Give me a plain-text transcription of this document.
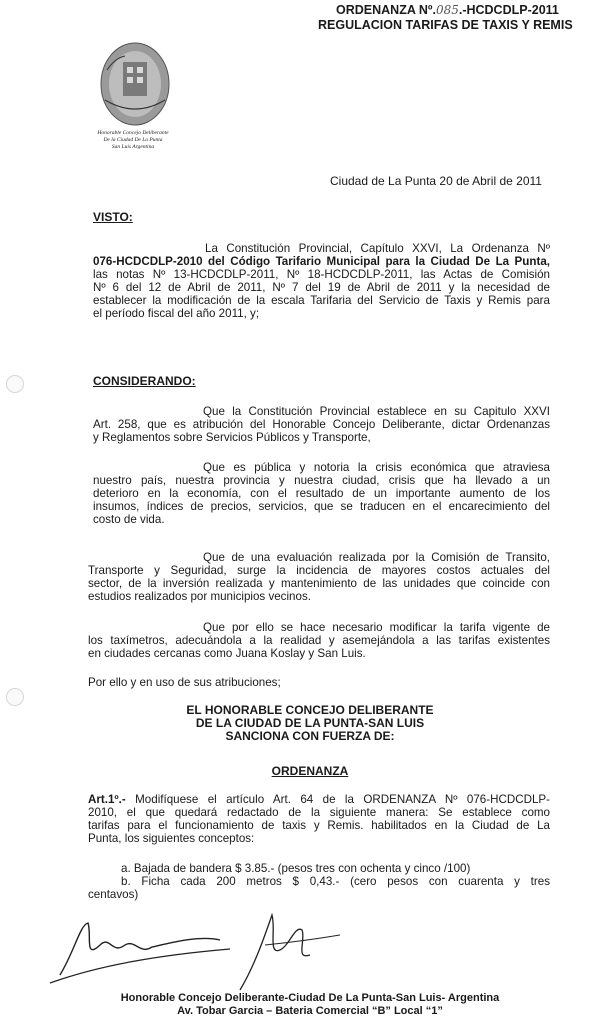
ORDENANZA Nº.085.-HCDCDLP-2011
REGULACION TARIFAS DE TAXIS Y REMIS
Honorable Concejo Deliberante
De la Ciudad De La Punta
San Luis Argentina
Ciudad de La Punta 20 de Abril de 2011
VISTO:
La Constitución Provincial, Capítulo XXVI, La Ordenanza Nº
076-HCDCDLP-2010 del Código Tarifario Municipal para la Ciudad De La Punta,
las notas Nº 13-HCDCDLP-2011, Nº 18-HCDCDLP-2011, las Actas de Comisión
Nº 6 del 12 de Abril de 2011, Nº 7 del 19 de Abril de 2011 y la necesidad de
establecer la modificación de la escala Tarifaria del Servicio de Taxis y Remis para
el período fiscal del año 2011, y;
CONSIDERANDO:
Que la Constitución Provincial establece en su Capitulo XXVI
Art. 258, que es atribución del Honorable Concejo Deliberante, dictar Ordenanzas
y Reglamentos sobre Servicios Públicos y Transporte,
Que es pública y notoria la crisis económica que atraviesa
nuestro país, nuestra provincia y nuestra ciudad, crisis que ha llevado a un
deterioro en la economía, con el resultado de un importante aumento de los
insumos, índices de precios, servicios, que se traducen en el encarecimiento del
costo de vida.
Que de una evaluación realizada por la Comisión de Transito,
Transporte y Seguridad, surge la incidencia de mayores costos actuales del
sector, de la inversión realizada y mantenimiento de las unidades que coincide con
estudios realizados por municipios vecinos.
Que por ello se hace necesario modificar la tarifa vigente de
los taxímetros, adecuándola a la realidad y asemejándola a las tarifas existentes
en ciudades cercanas como Juana Koslay y San Luis.
Por ello y en uso de sus atribuciones;
EL HONORABLE CONCEJO DELIBERANTE
DE LA CIUDAD DE LA PUNTA-SAN LUIS
SANCIONA CON FUERZA DE:
ORDENANZA
Art.1º.- Modifíquese el artículo Art. 64 de la ORDENANZA Nº 076-HCDCDLP-
2010, el que quedará redactado de la siguiente manera: Se establece como
tarifas para el funcionamiento de taxis y Remis. habilitados en la Ciudad de La
Punta, los siguientes conceptos:
a. Bajada de bandera $ 3.85.- (pesos tres con ochenta y cinco /100)
b. Ficha cada 200 metros $ 0,43.- (cero pesos con cuarenta y tres
centavos)
Honorable Concejo Deliberante-Ciudad De La Punta-San Luis- Argentina
Av. Tobar Garcia – Bateria Comercial “B” Local “1”
